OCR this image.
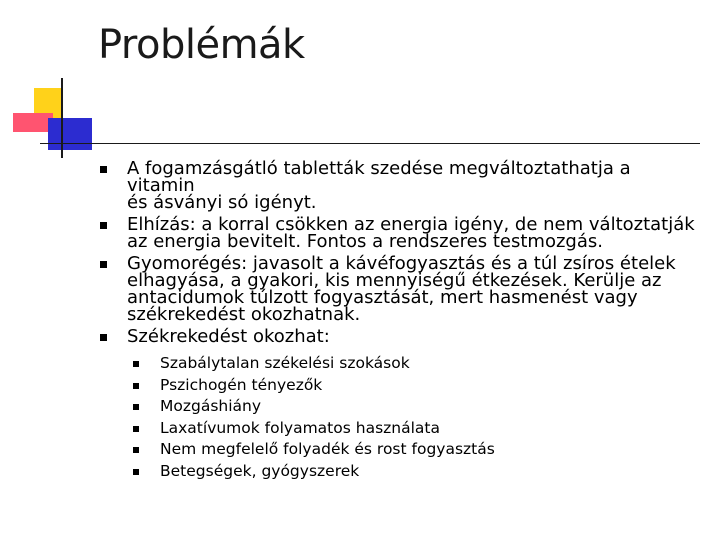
Problémák
A fogamzásgátló tabletták szedése megváltoztathatja a vitamin
és ásványi só igényt.
Elhízás: a korral csökken az energia igény, de nem változtatják
az energia bevitelt. Fontos a rendszeres testmozgás.
Gyomorégés: javasolt a kávéfogyasztás és a túl zsíros ételek
elhagyása, a gyakori, kis mennyiségű étkezések. Kerülje az
antacidumok túlzott fogyasztását, mert hasmenést vagy
székrekedést okozhatnak.
Székrekedést okozhat:
Szabálytalan székelési szokások
Pszichogén tényezők
Mozgáshiány
Laxatívumok folyamatos használata
Nem megfelelő folyadék és rost fogyasztás
Betegségek, gyógyszerek
